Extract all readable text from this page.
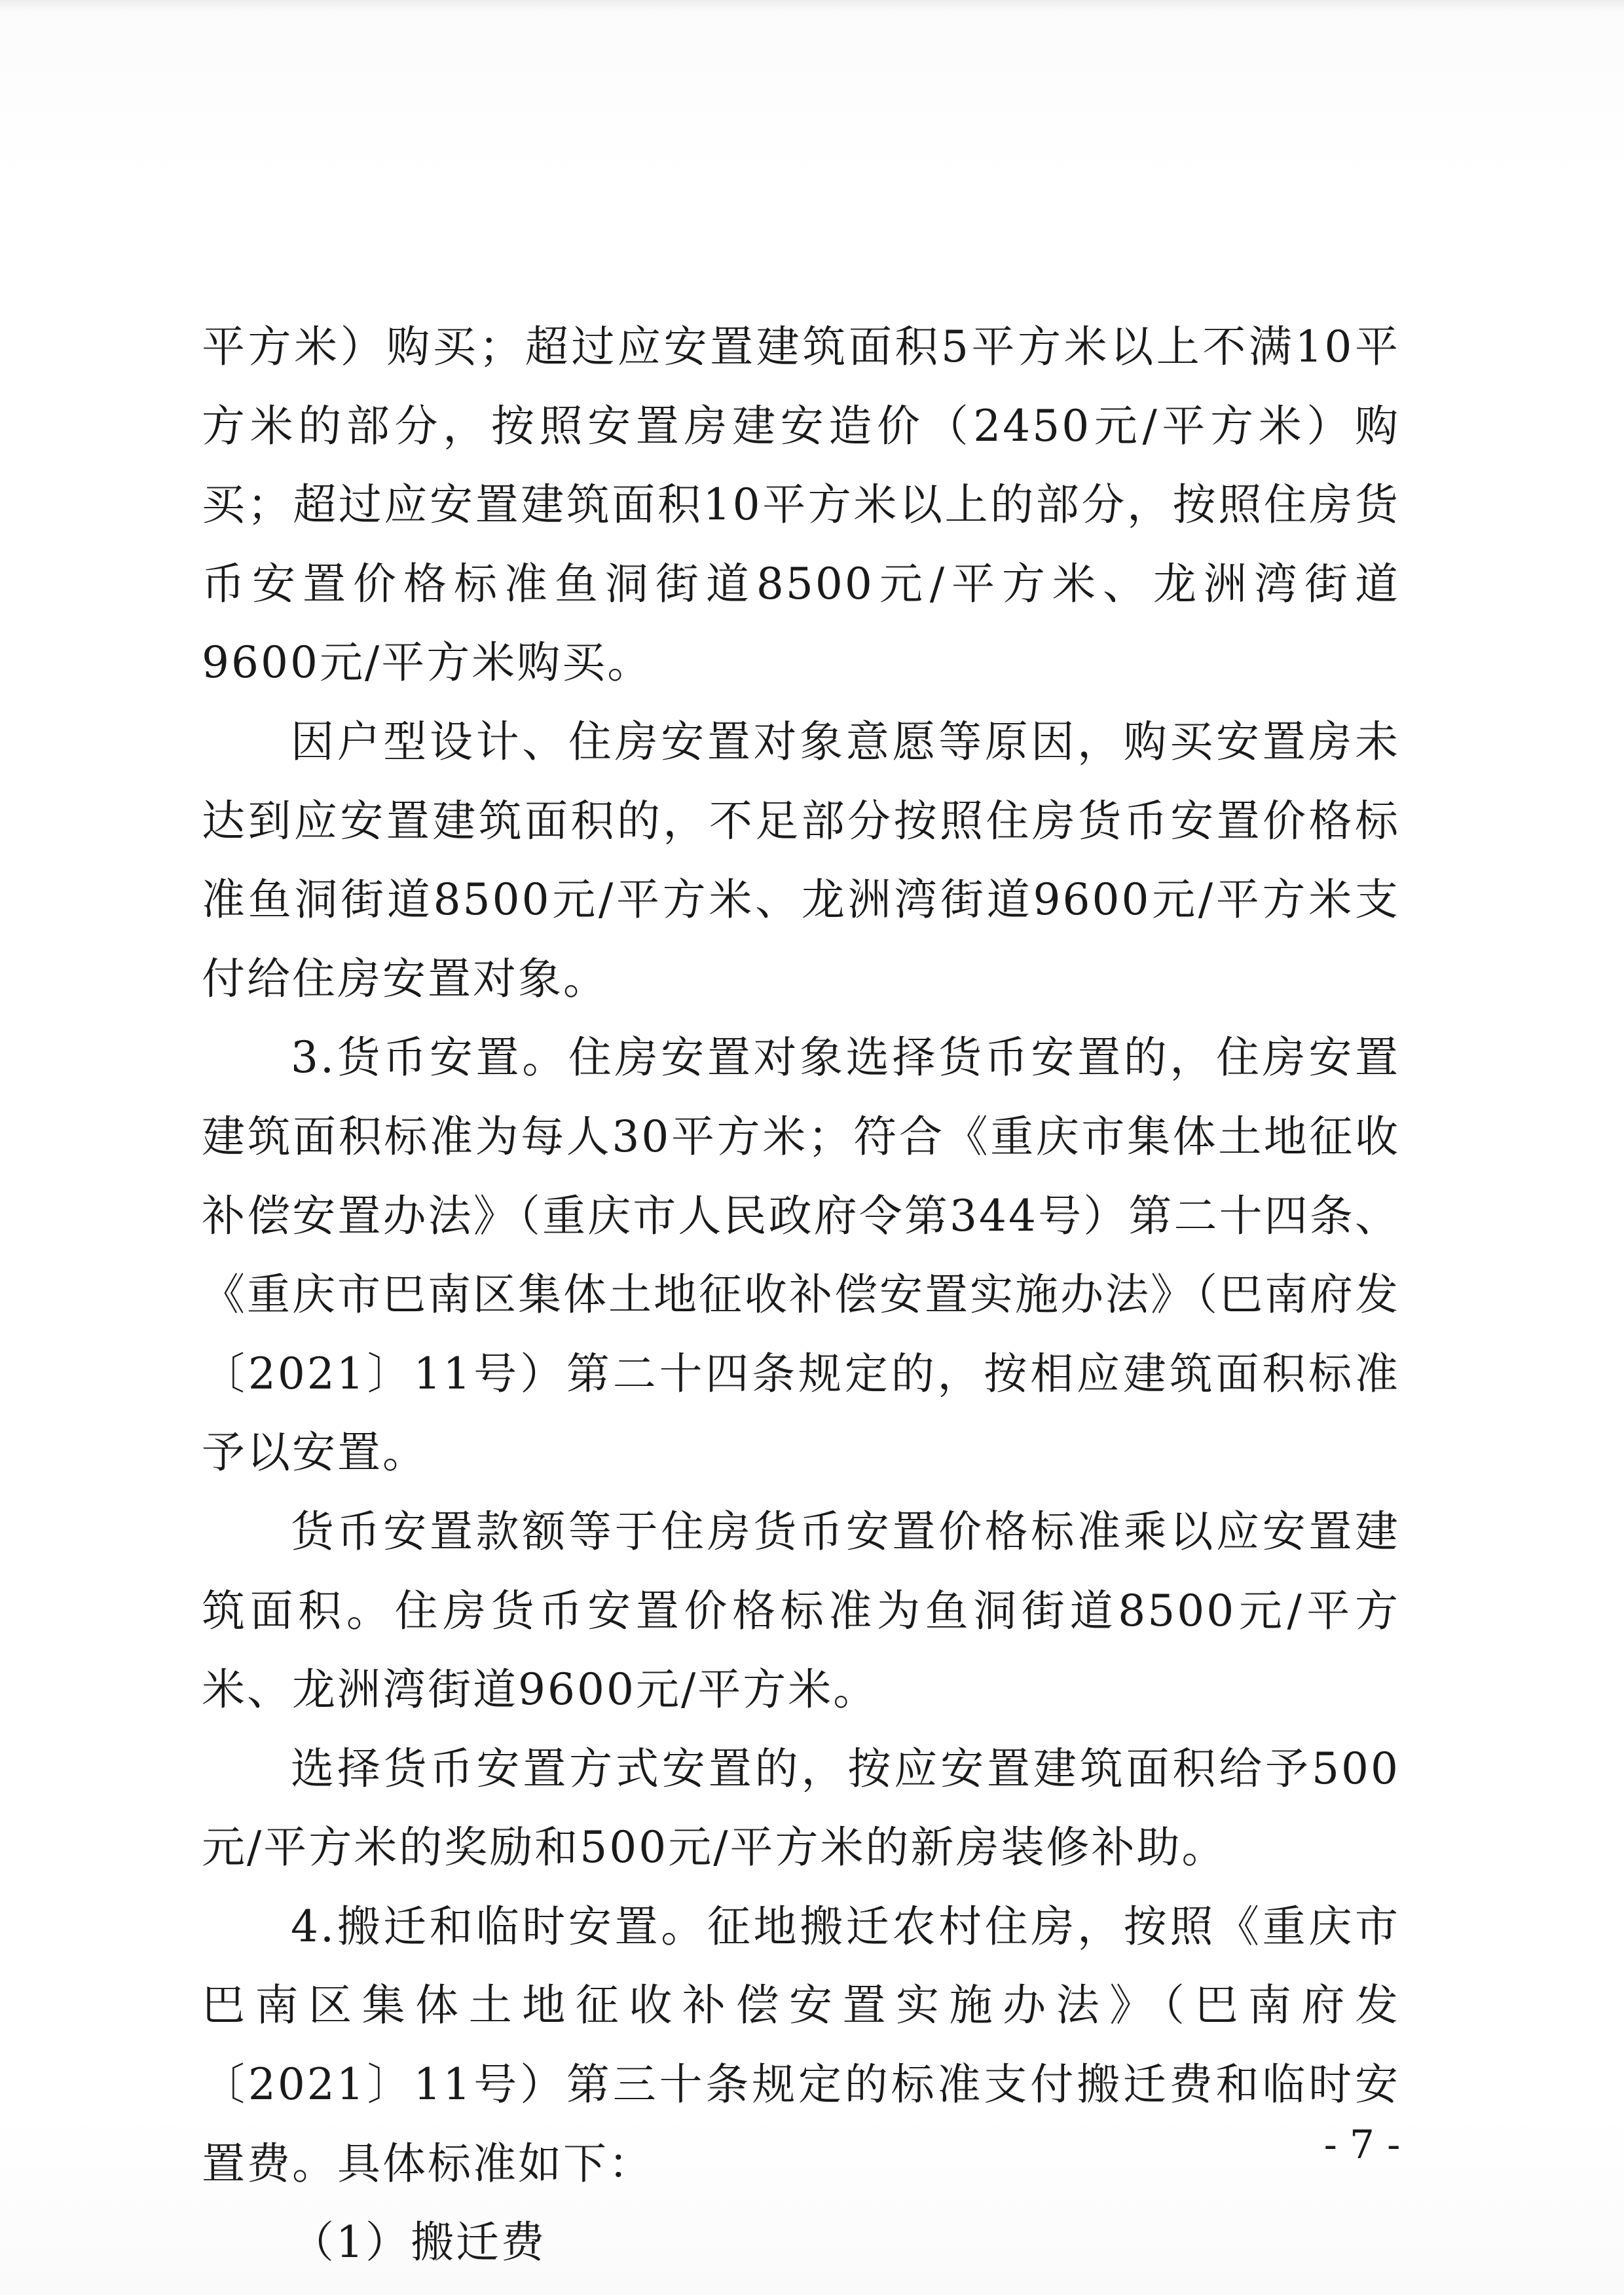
平方米）购买；超过应安置建筑面积5平方米以上不满10平方米的部分，按照安置房建安造价（2450元/平方米）购买；超过应安置建筑面积10平方米以上的部分，按照住房货币安置价格标准鱼洞街道8500元/平方米、龙洲湾街道9600元/平方米购买。

因户型设计、住房安置对象意愿等原因，购买安置房未达到应安置建筑面积的，不足部分按照住房货币安置价格标准鱼洞街道8500元/平方米、龙洲湾街道9600元/平方米支付给住房安置对象。

3.货币安置。住房安置对象选择货币安置的，住房安置建筑面积标准为每人30平方米；符合《重庆市集体土地征收补偿安置办法》（重庆市人民政府令第344号）第二十四条、《重庆市巴南区集体土地征收补偿安置实施办法》（巴南府发〔2021〕11号）第二十四条规定的，按相应建筑面积标准予以安置。

货币安置款额等于住房货币安置价格标准乘以应安置建筑面积。住房货币安置价格标准为鱼洞街道8500元/平方米、龙洲湾街道9600元/平方米。

选择货币安置方式安置的，按应安置建筑面积给予500元/平方米的奖励和500元/平方米的新房装修补助。

4.搬迁和临时安置。征地搬迁农村住房，按照《重庆市巴南区集体土地征收补偿安置实施办法》（巴南府发〔2021〕11号）第三十条规定的标准支付搬迁费和临时安置费。具体标准如下：

（1）搬迁费

- 7 -
